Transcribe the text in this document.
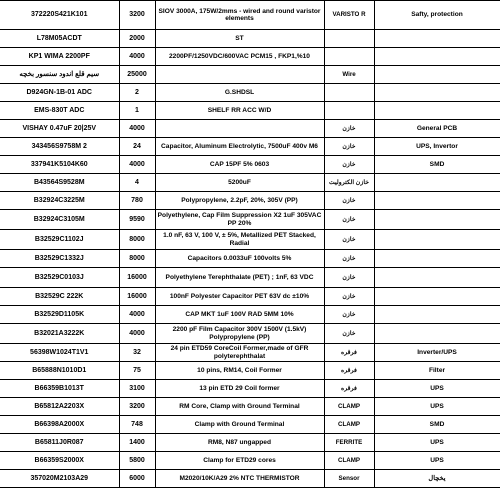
372220S421K101	3200	SIOV 3000A, 175W/2mms - wired and round varistor elements	VARISTO R	Safty, protection
L78M05ACDT	2000	ST		
KP1 WIMA 2200PF	4000	2200PF/1250VDC/600VAC PCM15 , FKP1,%10		
سیم قلع اندود سنسور بخچه	25000		Wire	
D924GN-1B-01 ADC	2	G.SHDSL		
EMS-830T ADC	1	SHELF RR ACC W/D		
VISHAY 0.47uF 20|25V	4000		خازن	General PCB
343456S9758M 2	24	Capacitor, Aluminum Electrolytic, 7500uF 400v M6	خازن	UPS, Invertor
337941K5104K60	4000	CAP 15PF 5% 0603	خازن	SMD
B43564S9528M	4	5200uF	خازن الکترولیت	
B32924C3225M	780	Polypropylene, 2.2pF, 20%, 305V (PP)	خازن	
B32924C3105M	9590	Polyethylene, Cap Film Suppression X2 1uF 305VAC PP 20%	خازن	
B32529C1102J	8000	1.0 nF, 63 V, 100 V, ± 5%, Metallized PET Stacked, Radial	خازن	
B32529C1332J	8000	Capacitors 0.0033uF 100volts 5%	خازن	
B32529C0103J	16000	Polyethylene Terephthalate (PET) ; 1nF, 63 VDC	خازن	
B32529C 222K	16000	100nF Polyester Capacitor PET 63V dc ±10%	خازن	
B32529D1105K	4000	CAP MKT 1uF 100V RAD 5MM 10%	خازن	
B32021A3222K	4000	2200 pF Film Capacitor 300V 1500V (1.5kV) Polypropylene (PP)	خازن	
56398W1024T1V1	32	24 pin ETD59 CoreCoil Former,made of GFR polyterephthalat	فرقره	Inverter/UPS
B65888N1010D1	75	10 pins, RM14, Coil Former	فرقره	Filter
B66359B1013T	3100	13 pin ETD 29 Coil former	فرقره	UPS
B65812A2203X	3200	RM Core, Clamp with Ground Terminal	CLAMP	UPS
B66398A2000X	748	Clamp with Ground Terminal	CLAMP	SMD
B65811J0R087	1400	RM8, N87 ungapped	FERRITE	UPS
B66359S2000X	5800	Clamp for ETD29 cores	CLAMP	UPS
357020M2103A29	6000	M2020/10K/A29 2% NTC THERMISTOR	Sensor	یخچال
